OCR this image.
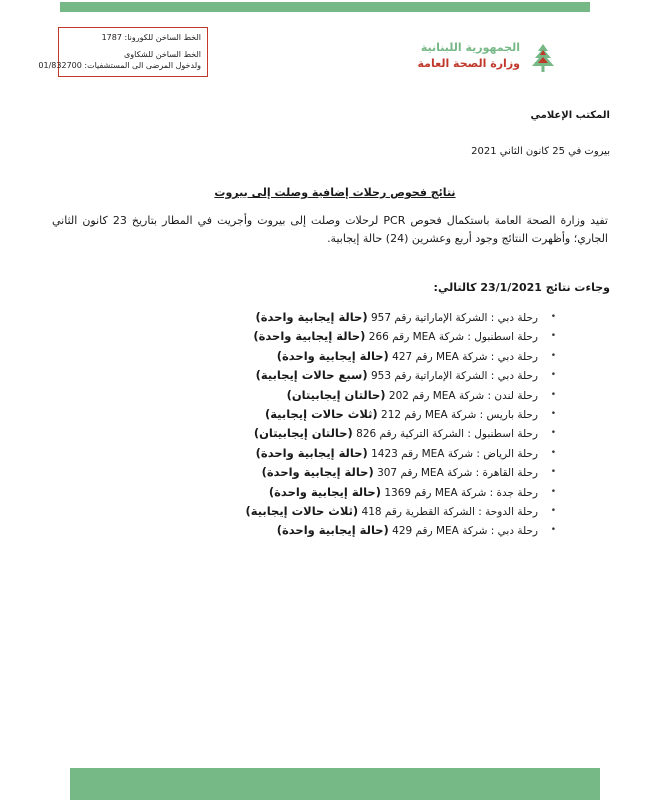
الخط الساخن للكورونا: 1787
الخط الساخن للشكاوى
ولدخول المرضى الى المستشفيات: 01/832700
الجمهورية اللبنانية
وزارة الصحة العامة
المكتب الإعلامي
بيروت في 25 كانون الثاني 2021
نتائج فحوص رحلات إضافية وصلت إلى بيروت
تفيد وزارة الصحة العامة باستكمال فحوص PCR لرحلات وصلت إلى بيروت وأجريت في المطار بتاريخ 23 كانون الثاني الجاري؛ وأظهرت النتائج وجود أربع وعشرين (24) حالة إيجابية.
وجاءت نتائج 23/1/2021 كالتالي:
•
رحلة دبي : الشركة الإماراتية رقم 957 (حالة إيجابية واحدة)
•
رحلة اسطنبول : شركة MEA رقم 266 (حالة إيجابية واحدة)
•
رحلة دبي : شركة MEA رقم 427 (حالة إيجابية واحدة)
•
رحلة دبي : الشركة الإماراتية رقم 953 (سبع حالات إيجابية)
•
رحلة لندن : شركة MEA رقم 202 (حالتان إيجابيتان)
•
رحلة باريس : شركة MEA رقم 212 (ثلاث حالات إيجابية)
•
رحلة اسطنبول : الشركة التركية رقم 826 (حالتان إيجابيتان)
•
رحلة الرياض : شركة MEA رقم 1423 (حالة إيجابية واحدة)
•
رحلة القاهرة : شركة MEA رقم 307 (حالة إيجابية واحدة)
•
رحلة جدة : شركة MEA رقم 1369 (حالة إيجابية واحدة)
•
رحلة الدوحة : الشركة القطرية رقم 418 (ثلاث حالات إيجابية)
•
رحلة دبي : شركة MEA رقم 429 (حالة إيجابية واحدة)
